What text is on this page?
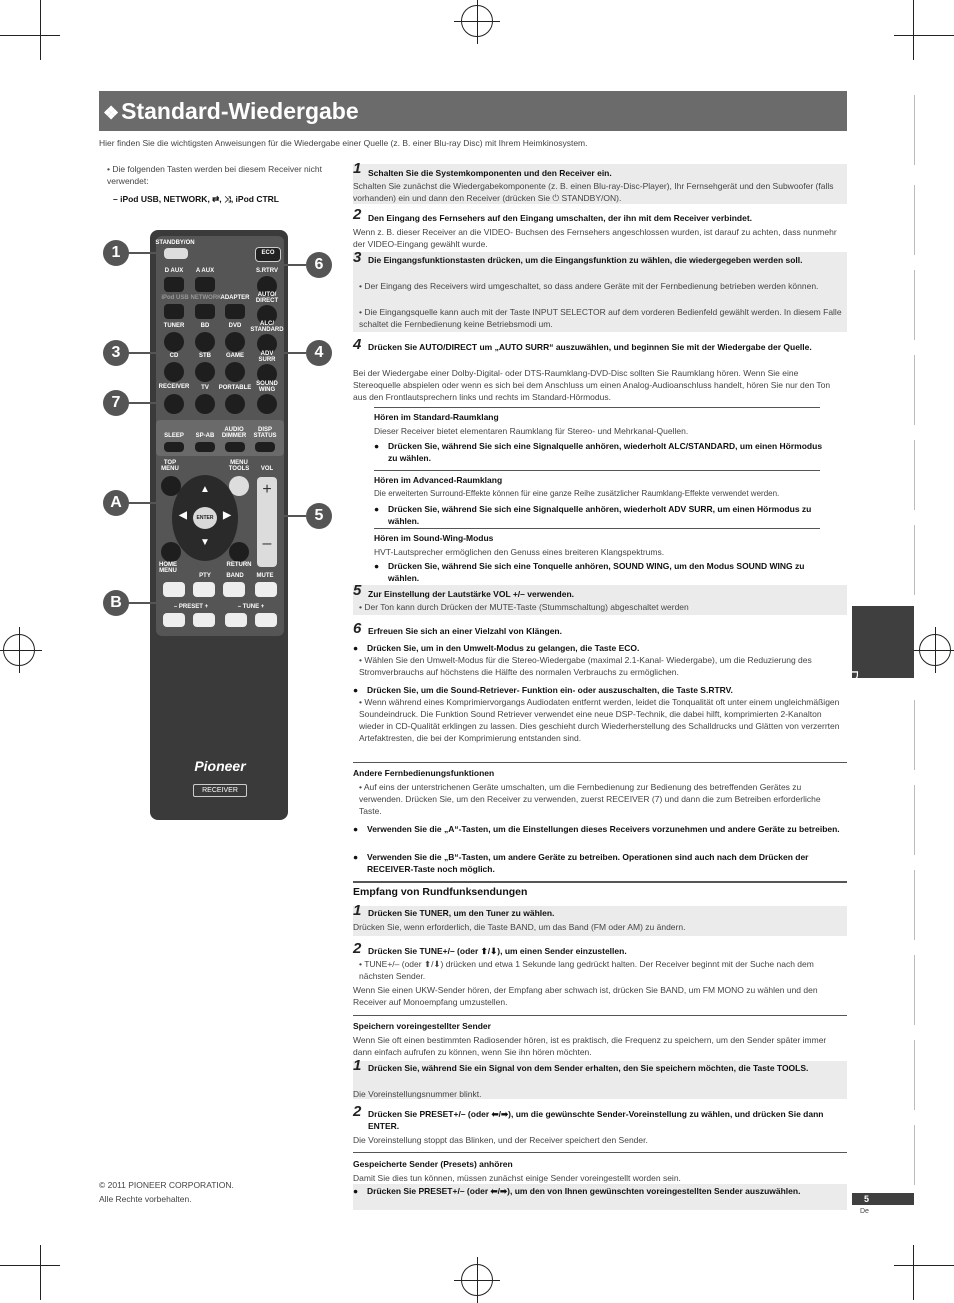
❖Standard-Wiedergabe
Hier finden Sie die wichtigsten Anweisungen für die Wiedergabe einer Quelle (z. B. einer Blu-ray Disc) mit Ihrem Heimkinosystem.
• Die folgenden Tasten werden bei diesem Receiver nicht verwendet:
– iPod USB, NETWORK, ⇄, ⤨, iPod CTRL
STANDBY/ON
ECO
D AUX	A AUX	S.RTRV
iPod USB NETWORK
ADAPTER	AUTO/ DIRECT
TUNER	BD	DVD	ALC/ STANDARD
CD	STB	GAME	ADV SURR
RECEIVER	TV	PORTABLE
SOUND WING
SLEEP	SP-AB
AUDIO DIMMER
DISP STATUS
TOP MENU
MENU TOOLS	VOL
▲
▼
◀	▶
ENTER
+
–
HOME MENU
RETURN
PTY	BAND	MUTE
– PRESET +	– TUNE +
Pioneer
RECEIVER
1
3
7
A
B
6
4
5
1 Schalten Sie die Systemkomponenten und den Receiver ein.
Schalten Sie zunächst die Wiedergabekomponente (z. B. einen Blu-ray-Disc-Player), Ihr Fernsehgerät und den Subwoofer (falls vorhanden) ein und dann den Receiver (drücken Sie ⏻ STANDBY/ON).
2 Den Eingang des Fernsehers auf den Eingang umschalten, der ihn mit dem Receiver verbindet.
Wenn z. B. dieser Receiver an die VIDEO- Buchsen des Fernsehers angeschlossen wurden, ist darauf zu achten, dass nunmehr der VIDEO-Eingang gewählt wurde.
3 Die Eingangsfunktionstasten drücken, um die Eingangsfunktion zu wählen, die wiedergegeben werden soll.
• Der Eingang des Receivers wird umgeschaltet, so dass andere Geräte mit der Fernbedienung betrieben werden können.
• Die Eingangsquelle kann auch mit der Taste INPUT SELECTOR auf dem vorderen Bedienfeld gewählt werden. In diesem Falle schaltet die Fernbedienung keine Betriebsmodi um.
4 Drücken Sie AUTO/DIRECT um „AUTO SURR“ auszuwählen, und beginnen Sie mit der Wiedergabe der Quelle.
Bei der Wiedergabe einer Dolby-Digital- oder DTS-Raumklang-DVD-Disc sollten Sie Raumklang hören. Wenn Sie eine Stereoquelle abspielen oder wenn es sich bei dem Anschluss um einen Analog-Audioanschluss handelt, hören Sie nur den Ton aus den Frontlautsprechern links und rechts im Standard-Hörmodus.
Hören im Standard-Raumklang
Dieser Receiver bietet elementaren Raumklang für Stereo- und Mehrkanal-Quellen.
● Drücken Sie, während Sie sich eine Signalquelle anhören, wiederholt ALC/STANDARD, um einen Hörmodus zu wählen.
Hören im Advanced-Raumklang
Die erweiterten Surround-Effekte können für eine ganze Reihe zusätzlicher Raumklang-Effekte verwendet werden.
● Drücken Sie, während Sie sich eine Signalquelle anhören, wiederholt ADV SURR, um einen Hörmodus zu wählen.
Hören im Sound-Wing-Modus
HVT-Lautsprecher ermöglichen den Genuss eines breiteren Klangspektrums.
● Drücken Sie, während Sie sich eine Tonquelle anhören, SOUND WING, um den Modus SOUND WING zu wählen.
5 Zur Einstellung der Lautstärke VOL +/– verwenden.
• Der Ton kann durch Drücken der MUTE-Taste (Stummschaltung) abgeschaltet werden
6 Erfreuen Sie sich an einer Vielzahl von Klängen.
● Drücken Sie, um in den Umwelt-Modus zu gelangen, die Taste ECO.
• Wählen Sie den Umwelt-Modus für die Stereo-Wiedergabe (maximal 2.1-Kanal- Wiedergabe), um die Reduzierung des Stromverbrauchs auf höchstens die Hälfte des normalen Verbrauchs zu ermöglichen.
● Drücken Sie, um die Sound-Retriever- Funktion ein- oder auszuschalten, die Taste S.RTRV.
• Wenn während eines Komprimiervorgangs Audiodaten entfernt werden, leidet die Tonqualität oft unter einem ungleichmäßigen Soundeindruck. Die Funktion Sound Retriever verwendet eine neue DSP-Technik, die dabei hilft, komprimierten 2-Kanalton wieder in CD-Qualität erklingen zu lassen. Dies geschieht durch Wiederherstellung des Schalldrucks und Glätten von verzerrten Artefaktresten, die bei der Komprimierung entstanden sind.
Andere Fernbedienungsfunktionen
• Auf eins der unterstrichenen Geräte umschalten, um die Fernbedienung zur Bedienung des betreffenden Gerätes zu verwenden. Drücken Sie, um den Receiver zu verwenden, zuerst RECEIVER (7) und dann die zum Betreiben erforderliche Taste.
● Verwenden Sie die „A“-Tasten, um die Einstellungen dieses Receivers vorzunehmen und andere Geräte zu betreiben.
● Verwenden Sie die „B“-Tasten, um andere Geräte zu betreiben. Operationen sind auch nach dem Drücken der RECEIVER-Taste noch möglich.
Empfang von Rundfunksendungen
1 Drücken Sie TUNER, um den Tuner zu wählen.
Drücken Sie, wenn erforderlich, die Taste BAND, um das Band (FM oder AM) zu ändern.
2 Drücken Sie TUNE+/– (oder ⬆/⬇), um einen Sender einzustellen.
• TUNE+/– (oder ⬆/⬇) drücken und etwa 1 Sekunde lang gedrückt halten. Der Receiver beginnt mit der Suche nach dem nächsten Sender.
Wenn Sie einen UKW-Sender hören, der Empfang aber schwach ist, drücken Sie BAND, um FM MONO zu wählen und den Receiver auf Monoempfang umzustellen.
Speichern voreingestellter Sender
Wenn Sie oft einen bestimmten Radiosender hören, ist es praktisch, die Frequenz zu speichern, um den Sender später immer dann einfach aufrufen zu können, wenn Sie ihn hören möchten.
1 Drücken Sie, während Sie ein Signal von dem Sender erhalten, den Sie speichern möchten, die Taste TOOLS.
Die Voreinstellungsnummer blinkt.
2 Drücken Sie PRESET+/– (oder ⬅/➡), um die gewünschte Sender-Voreinstellung zu wählen, und drücken Sie dann ENTER.
Die Voreinstellung stoppt das Blinken, und der Receiver speichert den Sender.
Gespeicherte Sender (Presets) anhören
Damit Sie dies tun können, müssen zunächst einige Sender voreingestellt worden sein.
● Drücken Sie PRESET+/– (oder ⬅/➡), um den von Ihnen gewünschten voreingestellten Sender auszuwählen.
© 2011 PIONEER CORPORATION.
Alle Rechte vorbehalten.
Deutsch
5
De
